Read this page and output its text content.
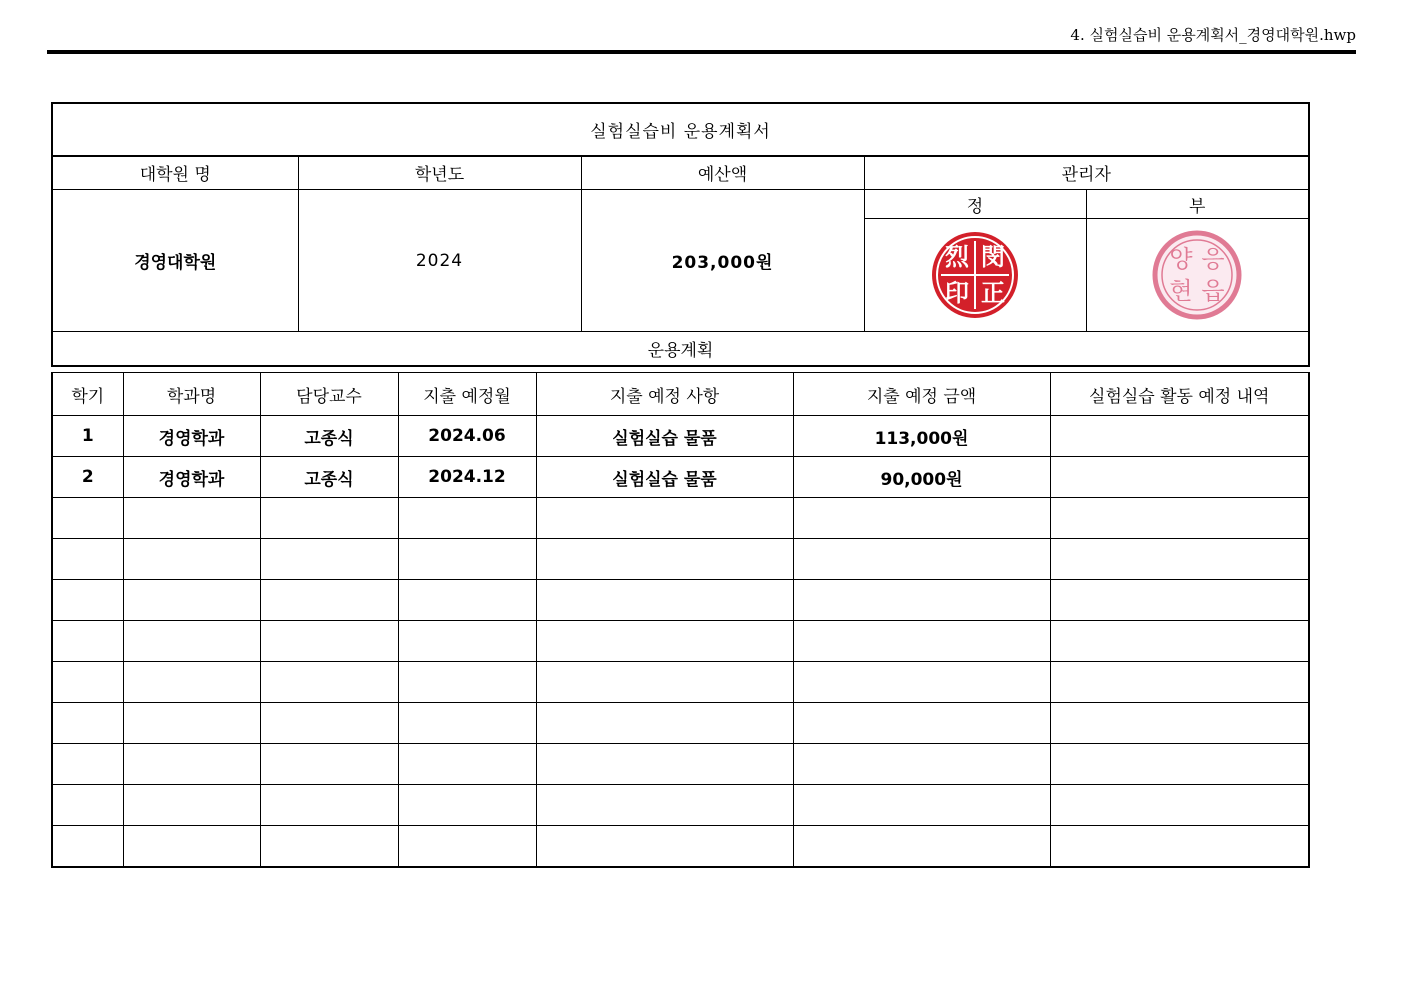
4. 실험실습비 운용계획서_경영대학원.hwp
실험실습비 운용계획서
대학원 명	학년도	예산액	관리자	
경영대학원	2024	203,000원	정	부

閔
烈
正
印	응
양
읍
현

운용계획				
학기	학과명	담당교수	지출 예정월	지출 예정 사항	지출 예정 금액	실험실습 활동 예정 내역
1	경영학과	고종식	2024.06	실험실습 물품	113,000원	
2	경영학과	고종식	2024.12	실험실습 물품	90,000원	
